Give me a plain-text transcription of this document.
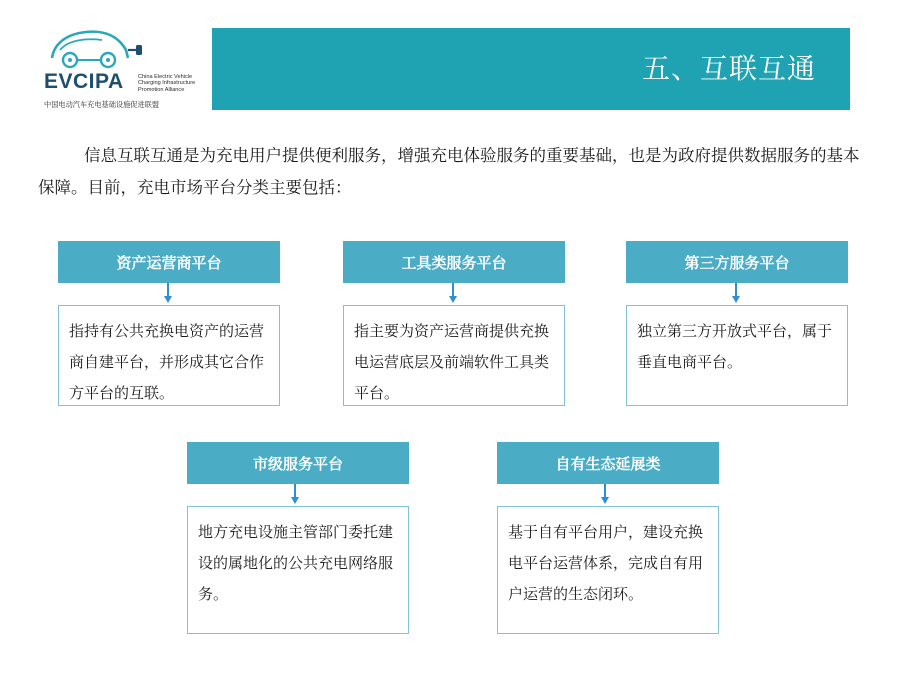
EVCIPA	China Electric Vehicle
Charging Infrastructure
Promotion Alliance
中国电动汽车充电基础设施促进联盟
五、互联互通
信息互联互通是为充电用户提供便利服务，增强充电体验服务的重要基础，也是为政府提供数据服务的基本保障。目前，充电市场平台分类主要包括：
资产运营商平台
指持有公共充换电资产的运营商自建平台，并形成其它合作方平台的互联。
工具类服务平台
指主要为资产运营商提供充换电运营底层及前端软件工具类平台。
第三方服务平台
独立第三方开放式平台，属于垂直电商平台。
市级服务平台
地方充电设施主管部门委托建设的属地化的公共充电网络服务。
自有生态延展类
基于自有平台用户，建设充换电平台运营体系，完成自有用户运营的生态闭环。
